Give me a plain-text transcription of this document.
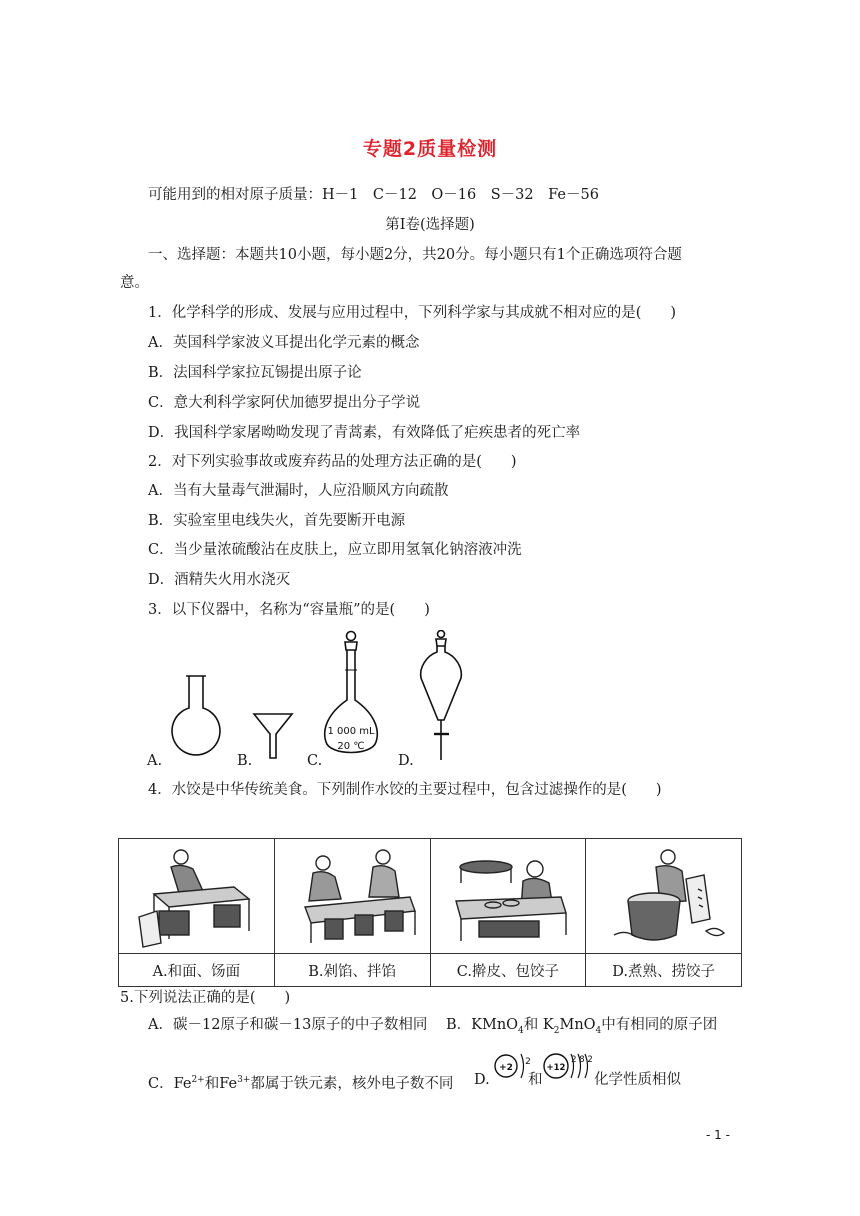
专题2质量检测
可能用到的相对原子质量：H－1　C－12　O－16　S－32　Fe－56
第Ⅰ卷(选择题)
一、选择题：本题共10小题，每小题2分，共20分。每小题只有1个正确选项符合题
意。
1．化学科学的形成、发展与应用过程中，下列科学家与其成就不相对应的是(　　)
A．英国科学家波义耳提出化学元素的概念
B．法国科学家拉瓦锡提出原子论
C．意大利科学家阿伏加德罗提出分子学说
D．我国科学家屠呦呦发现了青蒿素，有效降低了疟疾患者的死亡率
2．对下列实验事故或废弃药品的处理方法正确的是(　　)
A．当有大量毒气泄漏时，人应沿顺风方向疏散
B．实验室里电线失火，首先要断开电源
C．当少量浓硫酸沾在皮肤上，应立即用氢氧化钠溶液冲洗
D．酒精失火用水浇灭
3．以下仪器中，名称为“容量瓶”的是(　　)
1 000 mL
20 ℃
A.	B.	C.	D.
4．水饺是中华传统美食。下列制作水饺的主要过程中，包含过滤操作的是(　　)

A.和面、饧面	B.剁馅、拌馅	C.擀皮、包饺子	D.煮熟、捞饺子
5.下列说法正确的是(　　)
A．碳－12原子和碳－13原子的中子数相同 B．KMnO$_4$和 $K_2MnO_4$中有相同的原子团
C．$Fe^{2+}$和$Fe^{3+}$都属于铁元素，核外电子数不同 D.
+2
2
+12
2 8 2
和	化学性质相似
- 1 -
